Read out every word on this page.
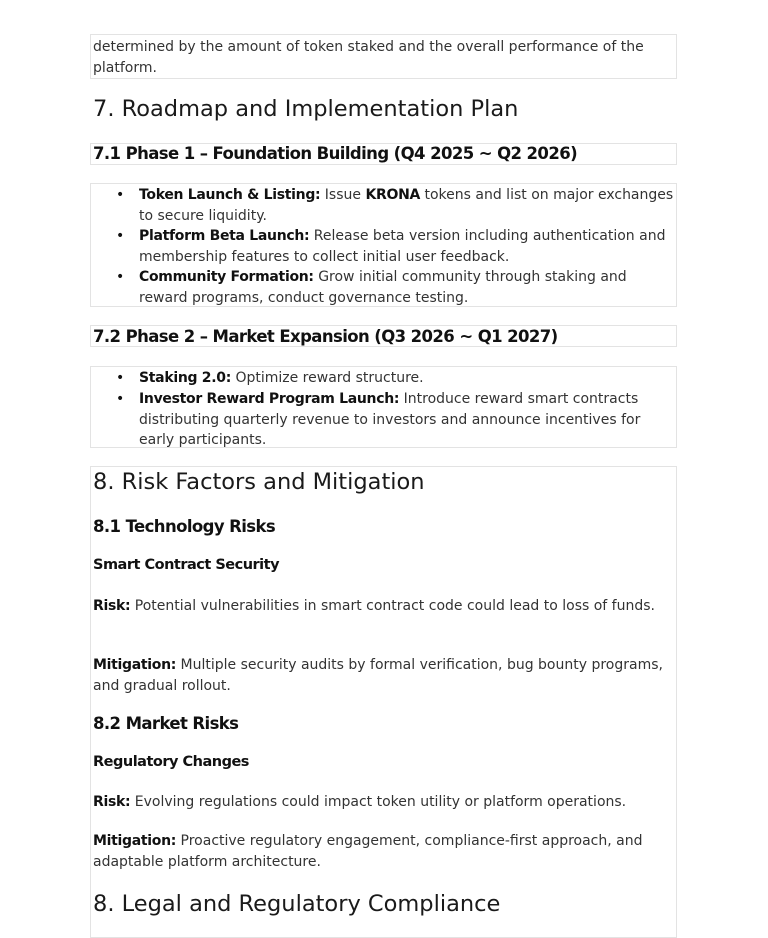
determined by the amount of token staked and the overall performance of the platform.
7. Roadmap and Implementation Plan
7.1 Phase 1 – Foundation Building (Q4 2025 ~ Q2 2026)
• Token Launch & Listing: Issue KRONA tokens and list on major exchanges to secure liquidity.
• Platform Beta Launch: Release beta version including authentication and membership features to collect initial user feedback.
• Community Formation: Grow initial community through staking and reward programs, conduct governance testing.
7.2 Phase 2 – Market Expansion (Q3 2026 ~ Q1 2027)
• Staking 2.0: Optimize reward structure.
• Investor Reward Program Launch: Introduce reward smart contracts distributing quarterly revenue to investors and announce incentives for early participants.
8. Risk Factors and Mitigation
8.1 Technology Risks
Smart Contract Security
Risk: Potential vulnerabilities in smart contract code could lead to loss of funds.
Mitigation: Multiple security audits by formal verification, bug bounty programs, and gradual rollout.
8.2 Market Risks
Regulatory Changes
Risk: Evolving regulations could impact token utility or platform operations.
Mitigation: Proactive regulatory engagement, compliance-first approach, and adaptable platform architecture.
8. Legal and Regulatory Compliance
